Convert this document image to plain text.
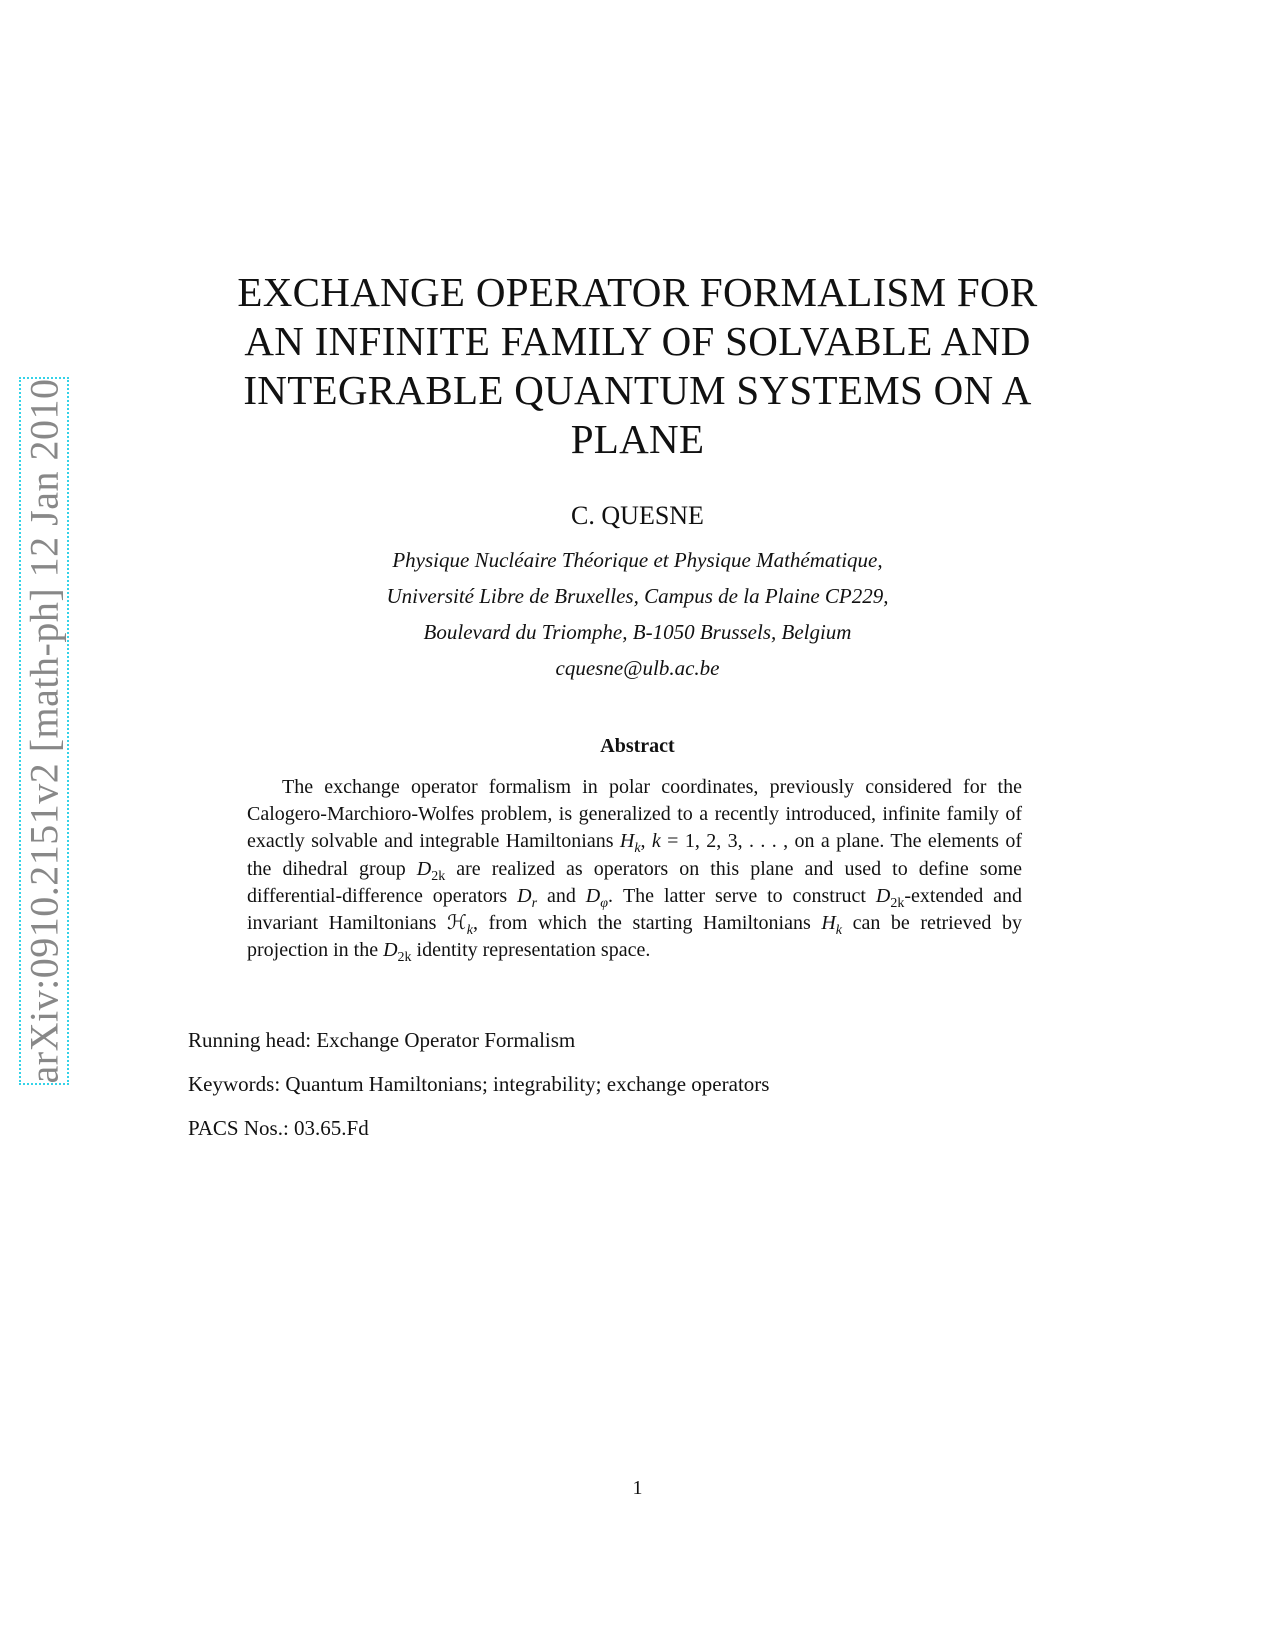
arXiv:0910.2151v2 [math-ph] 12 Jan 2010
EXCHANGE OPERATOR FORMALISM FOR
AN INFINITE FAMILY OF SOLVABLE AND
INTEGRABLE QUANTUM SYSTEMS ON A
PLANE
C. QUESNE
Physique Nucléaire Théorique et Physique Mathématique,
Université Libre de Bruxelles, Campus de la Plaine CP229,
Boulevard du Triomphe, B-1050 Brussels, Belgium
cquesne@ulb.ac.be
Abstract
The exchange operator formalism in polar coordinates, previously considered for the Calogero-Marchioro-Wolfes problem, is generalized to a recently introduced, infinite family of exactly solvable and integrable Hamiltonians $H_k$, k = 1, 2, 3, . . . , on a plane. The elements of the dihedral group $D_{2k}$ are realized as operators on this plane and used to define some differential-difference operators $D_r$ and $D_\varphi$. The latter serve to construct $D_{2k}$-extended and invariant Hamiltonians ℋ$_k$, from which the starting Hamiltonians $H_k$ can be retrieved by projection in the $D_{2k}$ identity representation space.
Running head: Exchange Operator Formalism
Keywords: Quantum Hamiltonians; integrability; exchange operators
PACS Nos.: 03.65.Fd
1
